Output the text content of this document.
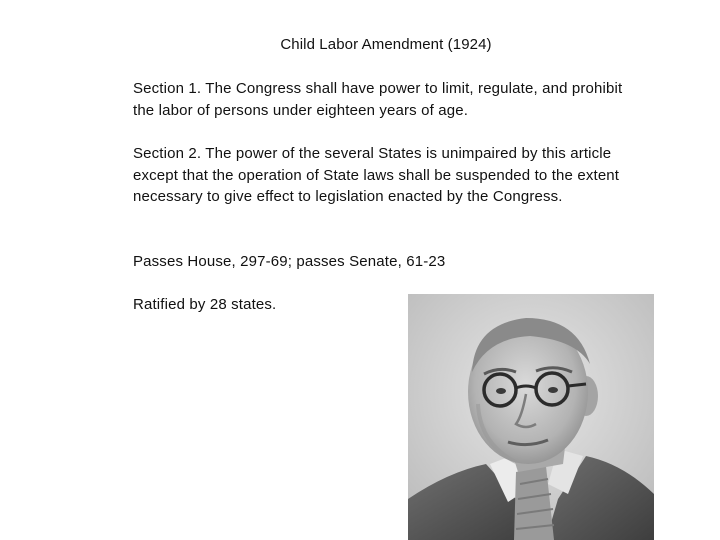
Child Labor Amendment (1924)
Section 1. The Congress shall have power to limit, regulate, and prohibit the labor of persons under eighteen years of age.
Section 2. The power of the several States is unimpaired by this article except that the operation of State laws shall be suspended to the extent necessary to give effect to legislation enacted by the Congress.
Passes House, 297-69; passes Senate, 61-23
Ratified by 28 states.
